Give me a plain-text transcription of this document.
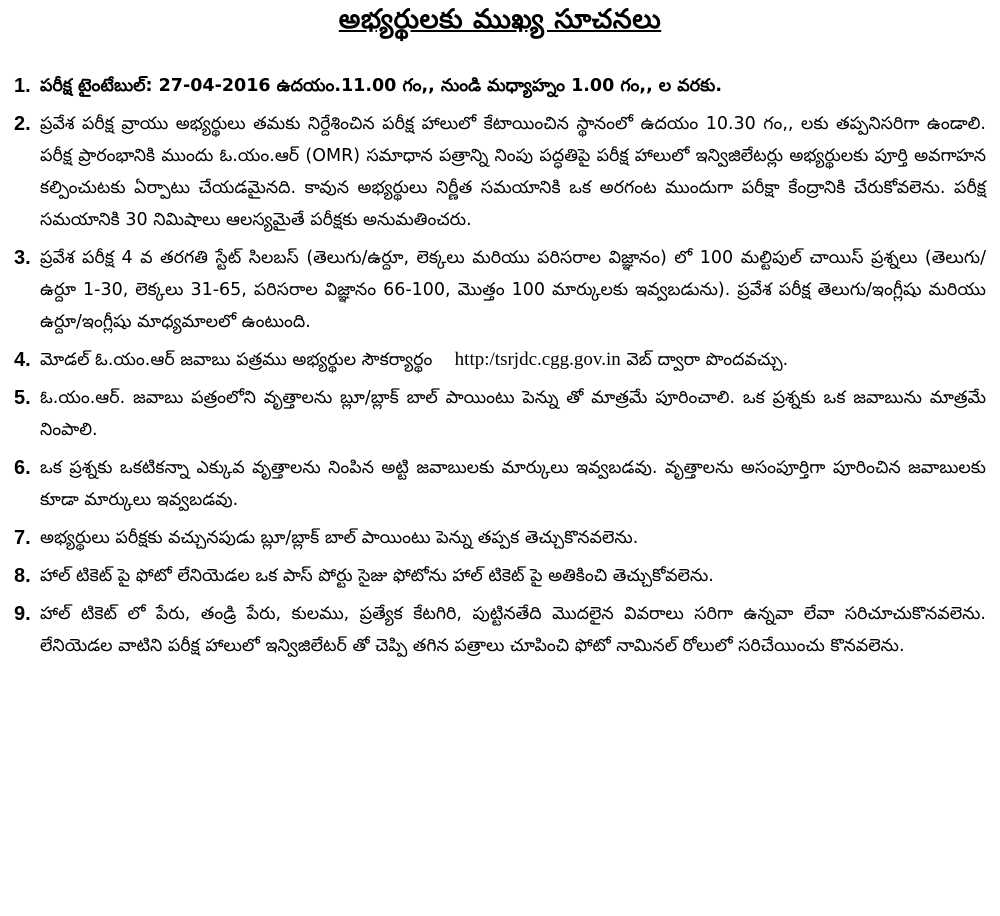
అభ్యర్థులకు ముఖ్య సూచనలు
1. పరీక్ష టైంటేబుల్: 27-04-2016 ఉదయం.11.00 గం,, నుండి మధ్యాహ్నం 1.00 గం,, ల వరకు.
2. ప్రవేశ పరీక్ష వ్రాయు అభ్యర్థులు తమకు నిర్దేశించిన పరీక్ష హాలులో కేటాయించిన స్థానంలో ఉదయం 10.30 గం,, లకు తప్పనిసరిగా ఉండాలి. పరీక్ష ప్రారంభానికి ముందు ఓ.యం.ఆర్ (OMR) సమాధాన పత్రాన్ని నింపు పద్ధతిపై పరీక్ష హాలులో ఇన్విజిలేటర్లు అభ్యర్థులకు పూర్తి అవగాహన కల్పించుటకు ఏర్పాటు చేయడమైనది. కావున అభ్యర్థులు నిర్ణీత సమయానికి ఒక అరగంట ముందుగా పరీక్షా కేంద్రానికి చేరుకోవలెను. పరీక్ష సమయానికి 30 నిమిషాలు ఆలస్యమైతే పరీక్షకు అనుమతించరు.
3. ప్రవేశ పరీక్ష 4 వ తరగతి స్టేట్ సిలబస్ (తెలుగు/ఉర్దూ, లెక్కలు మరియు పరిసరాల విజ్ఞానం) లో 100 మల్టిపుల్ చాయిస్ ప్రశ్నలు (తెలుగు/ఉర్దూ 1-30, లెక్కలు 31-65, పరిసరాల విజ్ఞానం 66-100, మొత్తం 100 మార్కులకు ఇవ్వబడును). ప్రవేశ పరీక్ష తెలుగు/ఇంగ్లీషు మరియు ఉర్దూ/ఇంగ్లీషు మాధ్యమాలలో ఉంటుంది.
4. మోడల్ ఓ.యం.ఆర్ జవాబు పత్రము అభ్యర్థుల సౌకర్యార్థం http:/tsrjdc.cgg.gov.in వెబ్ ద్వారా పొందవచ్చు.
5. ఓ.యం.ఆర్. జవాబు పత్రంలోని వృత్తాలను బ్లూ/బ్లాక్ బాల్ పాయింటు పెన్ను తో మాత్రమే పూరించాలి. ఒక ప్రశ్నకు ఒక జవాబును మాత్రమే నింపాలి.
6. ఒక ప్రశ్నకు ఒకటికన్నా ఎక్కువ వృత్తాలను నింపిన అట్టి జవాబులకు మార్కులు ఇవ్వబడవు. వృత్తాలను అసంపూర్తిగా పూరించిన జవాబులకు కూడా మార్కులు ఇవ్వబడవు.
7. అభ్యర్థులు పరీక్షకు వచ్చునపుడు బ్లూ/బ్లాక్ బాల్ పాయింటు పెన్ను తప్పక తెచ్చుకొనవలెను.
8. హాల్ టికెట్ పై ఫోటో లేనియెడల ఒక పాస్ పోర్టు సైజు ఫోటోను హాల్ టికెట్ పై అతికించి తెచ్చుకోవలెను.
9. హాల్ టికెట్ లో పేరు, తండ్రి పేరు, కులము, ప్రత్యేక కేటగిరి, పుట్టినతేది మొదలైన వివరాలు సరిగా ఉన్నవా లేవా సరిచూచుకొనవలెను. లేనియెడల వాటిని పరీక్ష హాలులో ఇన్విజిలేటర్ తో చెప్పి తగిన పత్రాలు చూపించి ఫోటో నామినల్ రోలులో సరిచేయించు కొనవలెను.
